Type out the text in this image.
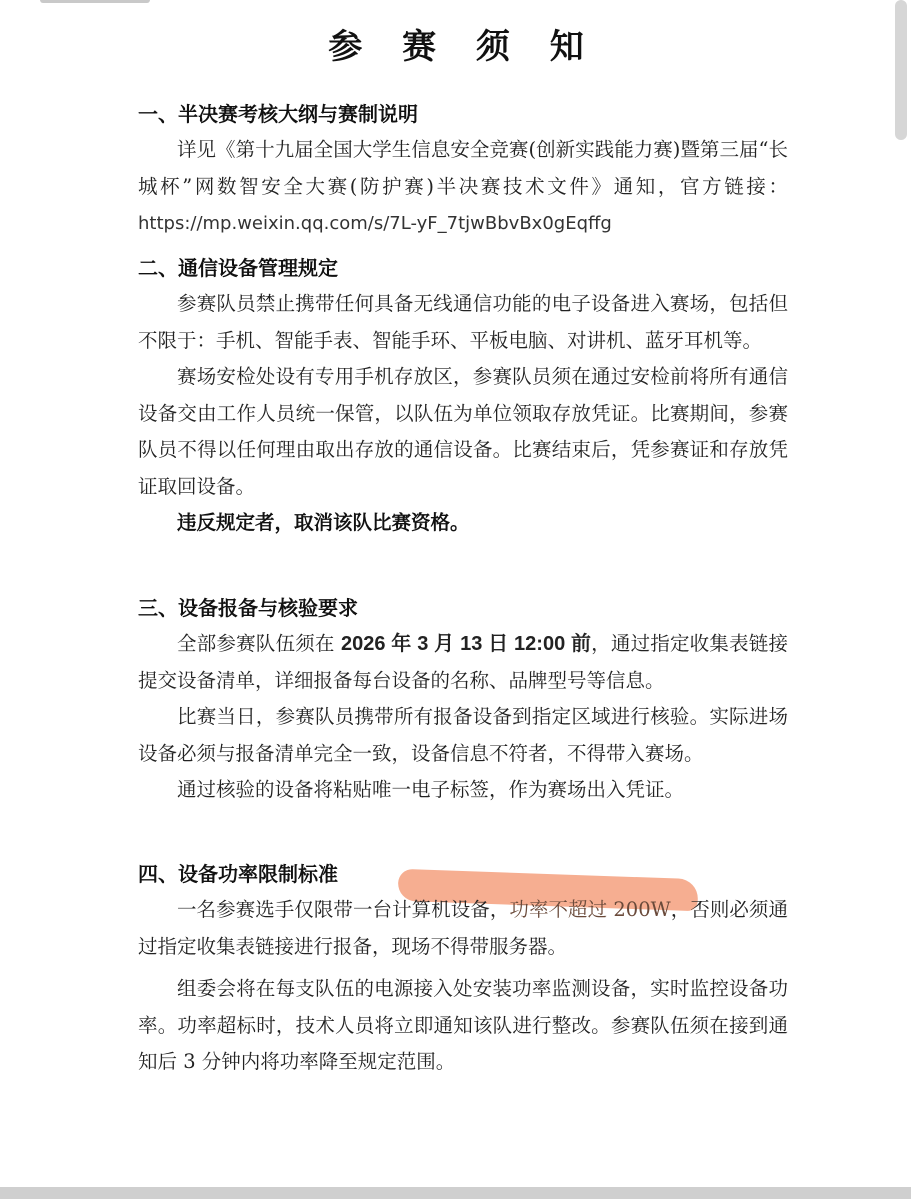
参 赛 须 知
一、半决赛考核大纲与赛制说明

详见《第十九届全国大学生信息安全竞赛(创新实践能力赛)暨第三届“长城杯”网数智安全大赛(防护赛)半决赛技术文件》通知，官方链接：https://mp.weixin.qq.com/s/7L-yF_7tjwBbvBx0gEqffg

二、通信设备管理规定

参赛队员禁止携带任何具备无线通信功能的电子设备进入赛场，包括但不限于：手机、智能手表、智能手环、平板电脑、对讲机、蓝牙耳机等。

赛场安检处设有专用手机存放区，参赛队员须在通过安检前将所有通信设备交由工作人员统一保管，以队伍为单位领取存放凭证。比赛期间，参赛队员不得以任何理由取出存放的通信设备。比赛结束后，凭参赛证和存放凭证取回设备。

违反规定者，取消该队比赛资格。

三、设备报备与核验要求

全部参赛队伍须在 2026 年 3 月 13 日 12:00 前，通过指定收集表链接提交设备清单，详细报备每台设备的名称、品牌型号等信息。

比赛当日，参赛队员携带所有报备设备到指定区域进行核验。实际进场设备必须与报备清单完全一致，设备信息不符者，不得带入赛场。

通过核验的设备将粘贴唯一电子标签，作为赛场出入凭证。

四、设备功率限制标准

一名参赛选手仅限带一台计算机设备，功率不超过 200W，否则必须通过指定收集表链接进行报备，现场不得带服务器。

组委会将在每支队伍的电源接入处安装功率监测设备，实时监控设备功率。功率超标时，技术人员将立即通知该队进行整改。参赛队伍须在接到通知后 3 分钟内将功率降至规定范围。
